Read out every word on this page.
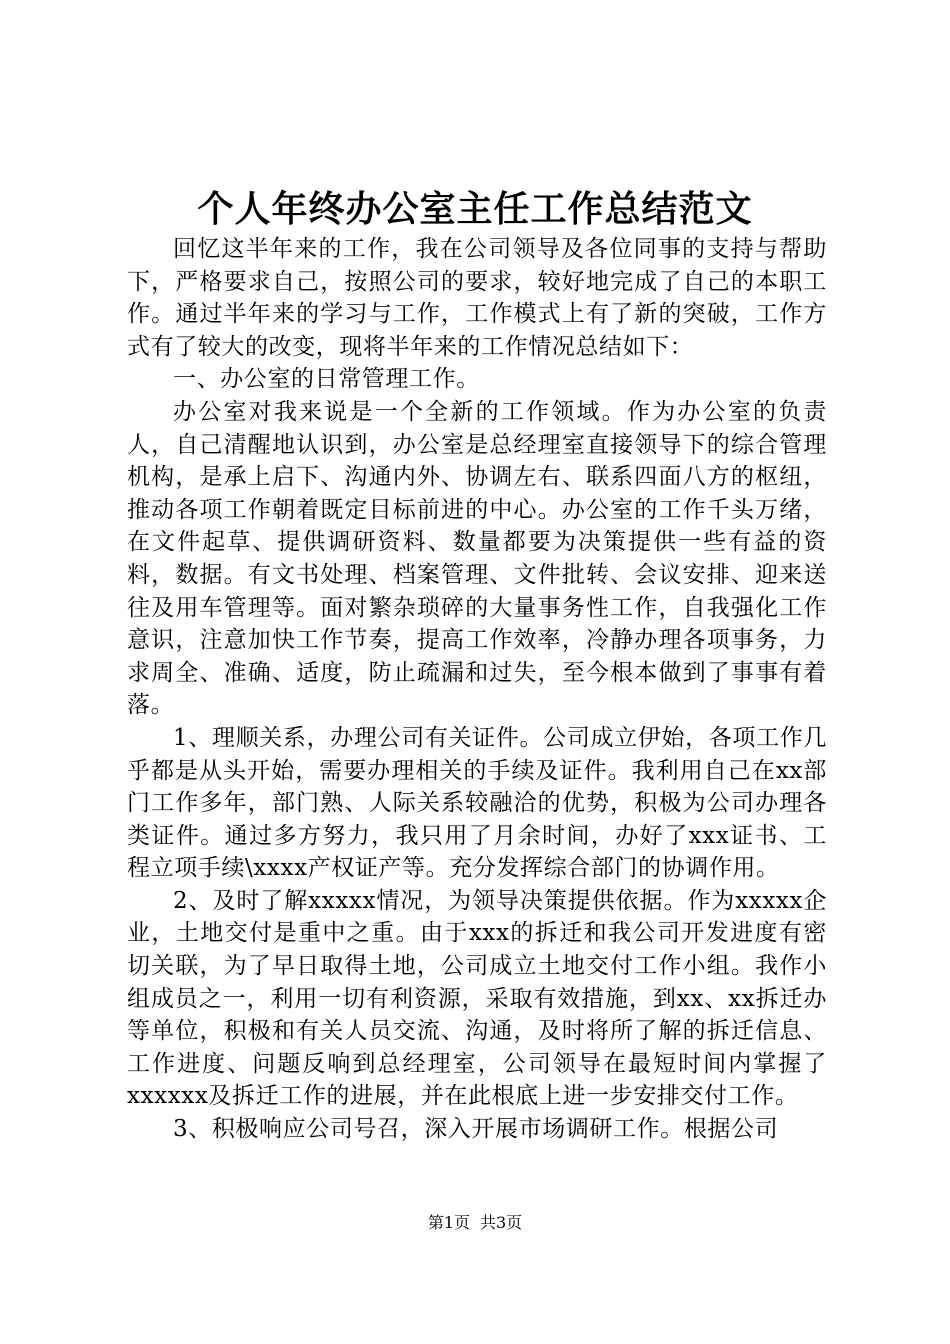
个人年终办公室主任工作总结范文

回忆这半年来的工作，我在公司领导及各位同事的支持与帮助下，严格要求自己，按照公司的要求，较好地完成了自己的本职工作。通过半年来的学习与工作，工作模式上有了新的突破，工作方式有了较大的改变，现将半年来的工作情况总结如下：

一、办公室的日常管理工作。

办公室对我来说是一个全新的工作领域。作为办公室的负责人，自己清醒地认识到，办公室是总经理室直接领导下的综合管理机构，是承上启下、沟通内外、协调左右、联系四面八方的枢纽，推动各项工作朝着既定目标前进的中心。办公室的工作千头万绪，在文件起草、提供调研资料、数量都要为决策提供一些有益的资料，数据。有文书处理、档案管理、文件批转、会议安排、迎来送往及用车管理等。面对繁杂琐碎的大量事务性工作，自我强化工作意识，注意加快工作节奏，提高工作效率，冷静办理各项事务，力求周全、准确、适度，防止疏漏和过失，至今根本做到了事事有着落。

1、理顺关系，办理公司有关证件。公司成立伊始，各项工作几乎都是从头开始，需要办理相关的手续及证件。我利用自己在xx部门工作多年，部门熟、人际关系较融洽的优势，积极为公司办理各类证件。通过多方努力，我只用了月余时间，办好了xxx证书、工程立项手续\xxxx产权证产等。充分发挥综合部门的协调作用。

2、及时了解xxxxx情况，为领导决策提供依据。作为xxxxx企业，土地交付是重中之重。由于xxx的拆迁和我公司开发进度有密切关联，为了早日取得土地，公司成立土地交付工作小组。我作小组成员之一，利用一切有利资源，采取有效措施，到xx、xx拆迁办等单位，积极和有关人员交流、沟通，及时将所了解的拆迁信息、工作进度、问题反响到总经理室，公司领导在最短时间内掌握了xxxxxx及拆迁工作的进展，并在此根底上进一步安排交付工作。

3、积极响应公司号召，深入开展市场调研工作。根据公司

第1页 共3页
